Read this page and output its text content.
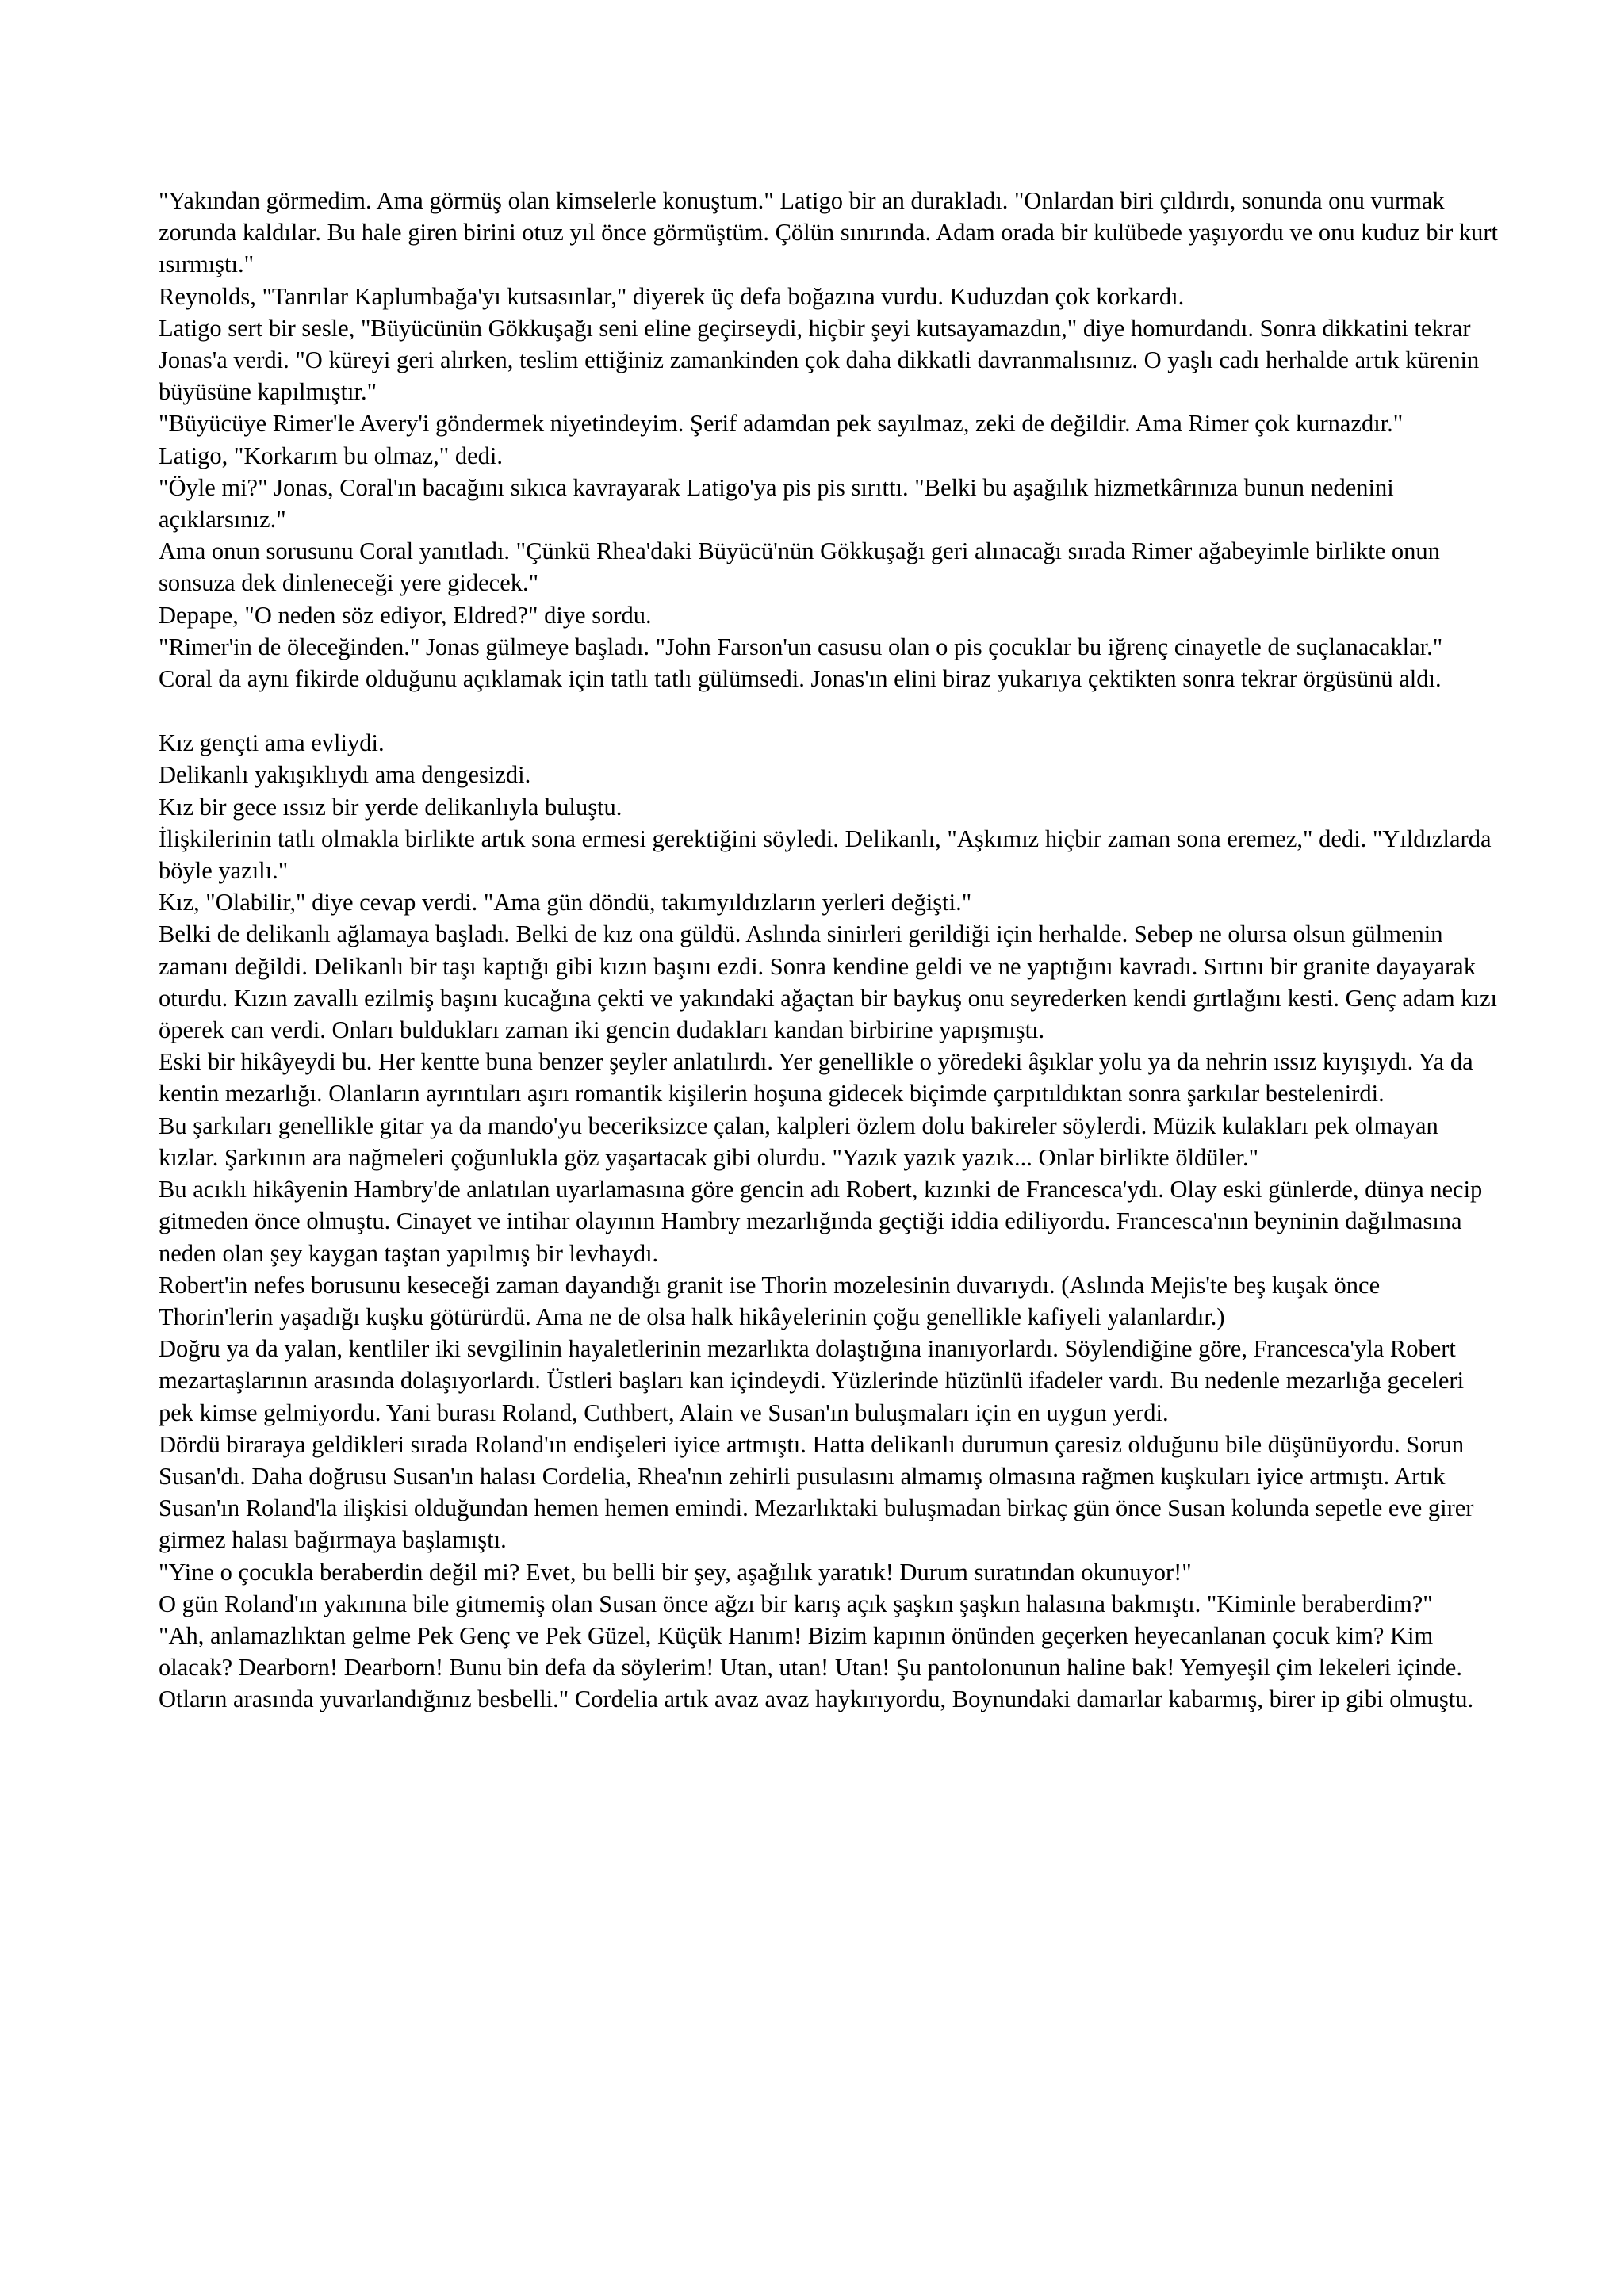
"Yakından görmedim. Ama görmüş olan kimselerle konuştum." Latigo bir an durakladı. "Onlardan biri çıldırdı, sonunda onu vurmak zorunda kaldılar. Bu hale giren birini otuz yıl önce görmüştüm. Çölün sınırında. Adam orada bir kulübede yaşıyordu ve onu kuduz bir kurt ısırmıştı."

Reynolds, "Tanrılar Kaplumbağa'yı kutsasınlar," diyerek üç defa boğazına vurdu. Kuduzdan çok korkardı.

Latigo sert bir sesle, "Büyücünün Gökkuşağı seni eline geçirseydi, hiçbir şeyi kutsayamazdın," diye homurdandı. Sonra dikkatini tekrar Jonas'a verdi. "O küreyi geri alırken, teslim ettiğiniz zamankinden çok daha dikkatli davranmalısınız. O yaşlı cadı herhalde artık kürenin büyüsüne kapılmıştır."

"Büyücüye Rimer'le Avery'i göndermek niyetindeyim. Şerif adamdan pek sayılmaz, zeki de değildir. Ama Rimer çok kurnazdır."

Latigo, "Korkarım bu olmaz," dedi.

"Öyle mi?" Jonas, Coral'ın bacağını sıkıca kavrayarak Latigo'ya pis pis sırıttı. "Belki bu aşağılık hizmetkârınıza bunun nedenini açıklarsınız."

Ama onun sorusunu Coral yanıtladı. "Çünkü Rhea'daki Büyücü'nün Gökkuşağı geri alınacağı sırada Rimer ağabeyimle birlikte onun sonsuza dek dinleneceği yere gidecek."

Depape, "O neden söz ediyor, Eldred?" diye sordu.

"Rimer'in de öleceğinden." Jonas gülmeye başladı. "John Farson'un casusu olan o pis çocuklar bu iğrenç cinayetle de suçlanacaklar."

Coral da aynı fikirde olduğunu açıklamak için tatlı tatlı gülümsedi. Jonas'ın elini biraz yukarıya çektikten sonra tekrar örgüsünü aldı.

Kız gençti ama evliydi.

Delikanlı yakışıklıydı ama dengesizdi.

Kız bir gece ıssız bir yerde delikanlıyla buluştu.

İlişkilerinin tatlı olmakla birlikte artık sona ermesi gerektiğini söyledi. Delikanlı, "Aşkımız hiçbir zaman sona eremez," dedi. "Yıldızlarda böyle yazılı."

Kız, "Olabilir," diye cevap verdi. "Ama gün döndü, takımyıldızların yerleri değişti."

Belki de delikanlı ağlamaya başladı. Belki de kız ona güldü. Aslında sinirleri gerildiği için herhalde. Sebep ne olursa olsun gülmenin zamanı değildi. Delikanlı bir taşı kaptığı gibi kızın başını ezdi. Sonra kendine geldi ve ne yaptığını kavradı. Sırtını bir granite dayayarak oturdu. Kızın zavallı ezilmiş başını kucağına çekti ve yakındaki ağaçtan bir baykuş onu seyrederken kendi gırtlağını kesti. Genç adam kızı öperek can verdi. Onları buldukları zaman iki gencin dudakları kandan birbirine yapışmıştı.

Eski bir hikâyeydi bu. Her kentte buna benzer şeyler anlatılırdı. Yer genellikle o yöredeki âşıklar yolu ya da nehrin ıssız kıyışıydı. Ya da kentin mezarlığı. Olanların ayrıntıları aşırı romantik kişilerin hoşuna gidecek biçimde çarpıtıldıktan sonra şarkılar bestelenirdi.

Bu şarkıları genellikle gitar ya da mando'yu beceriksizce çalan, kalpleri özlem dolu bakireler söylerdi. Müzik kulakları pek olmayan kızlar. Şarkının ara nağmeleri çoğunlukla göz yaşartacak gibi olurdu. "Yazık yazık yazık... Onlar birlikte öldüler."

Bu acıklı hikâyenin Hambry'de anlatılan uyarlamasına göre gencin adı Robert, kızınki de Francesca'ydı. Olay eski günlerde, dünya necip gitmeden önce olmuştu. Cinayet ve intihar olayının Hambry mezarlığında geçtiği iddia ediliyordu. Francesca'nın beyninin dağılmasına neden olan şey kaygan taştan yapılmış bir levhaydı.

Robert'in nefes borusunu keseceği zaman dayandığı granit ise Thorin mozelesinin duvarıydı. (Aslında Mejis'te beş kuşak önce Thorin'lerin yaşadığı kuşku götürürdü. Ama ne de olsa halk hikâyelerinin çoğu genellikle kafiyeli yalanlardır.)

Doğru ya da yalan, kentliler iki sevgilinin hayaletlerinin mezarlıkta dolaştığına inanıyorlardı. Söylendiğine göre, Francesca'yla Robert mezartaşlarının arasında dolaşıyorlardı. Üstleri başları kan içindeydi. Yüzlerinde hüzünlü ifadeler vardı. Bu nedenle mezarlığa geceleri pek kimse gelmiyordu. Yani burası Roland, Cuthbert, Alain ve Susan'ın buluşmaları için en uygun yerdi.

Dördü biraraya geldikleri sırada Roland'ın endişeleri iyice artmıştı. Hatta delikanlı durumun çaresiz olduğunu bile düşünüyordu. Sorun Susan'dı. Daha doğrusu Susan'ın halası Cordelia, Rhea'nın zehirli pusulasını almamış olmasına rağmen kuşkuları iyice artmıştı. Artık Susan'ın Roland'la ilişkisi olduğundan hemen hemen emindi. Mezarlıktaki buluşmadan birkaç gün önce Susan kolunda sepetle eve girer girmez halası bağırmaya başlamıştı.

"Yine o çocukla beraberdin değil mi? Evet, bu belli bir şey, aşağılık yaratık! Durum suratından okunuyor!"

O gün Roland'ın yakınına bile gitmemiş olan Susan önce ağzı bir karış açık şaşkın şaşkın halasına bakmıştı. "Kiminle beraberdim?"

"Ah, anlamazlıktan gelme Pek Genç ve Pek Güzel, Küçük Hanım! Bizim kapının önünden geçerken heyecanlanan çocuk kim? Kim olacak? Dearborn! Dearborn! Bunu bin defa da söylerim! Utan, utan! Utan! Şu pantolonunun haline bak! Yemyeşil çim lekeleri içinde. Otların arasında yuvarlandığınız besbelli." Cordelia artık avaz avaz haykırıyordu, Boynundaki damarlar kabarmış, birer ip gibi olmuştu.
